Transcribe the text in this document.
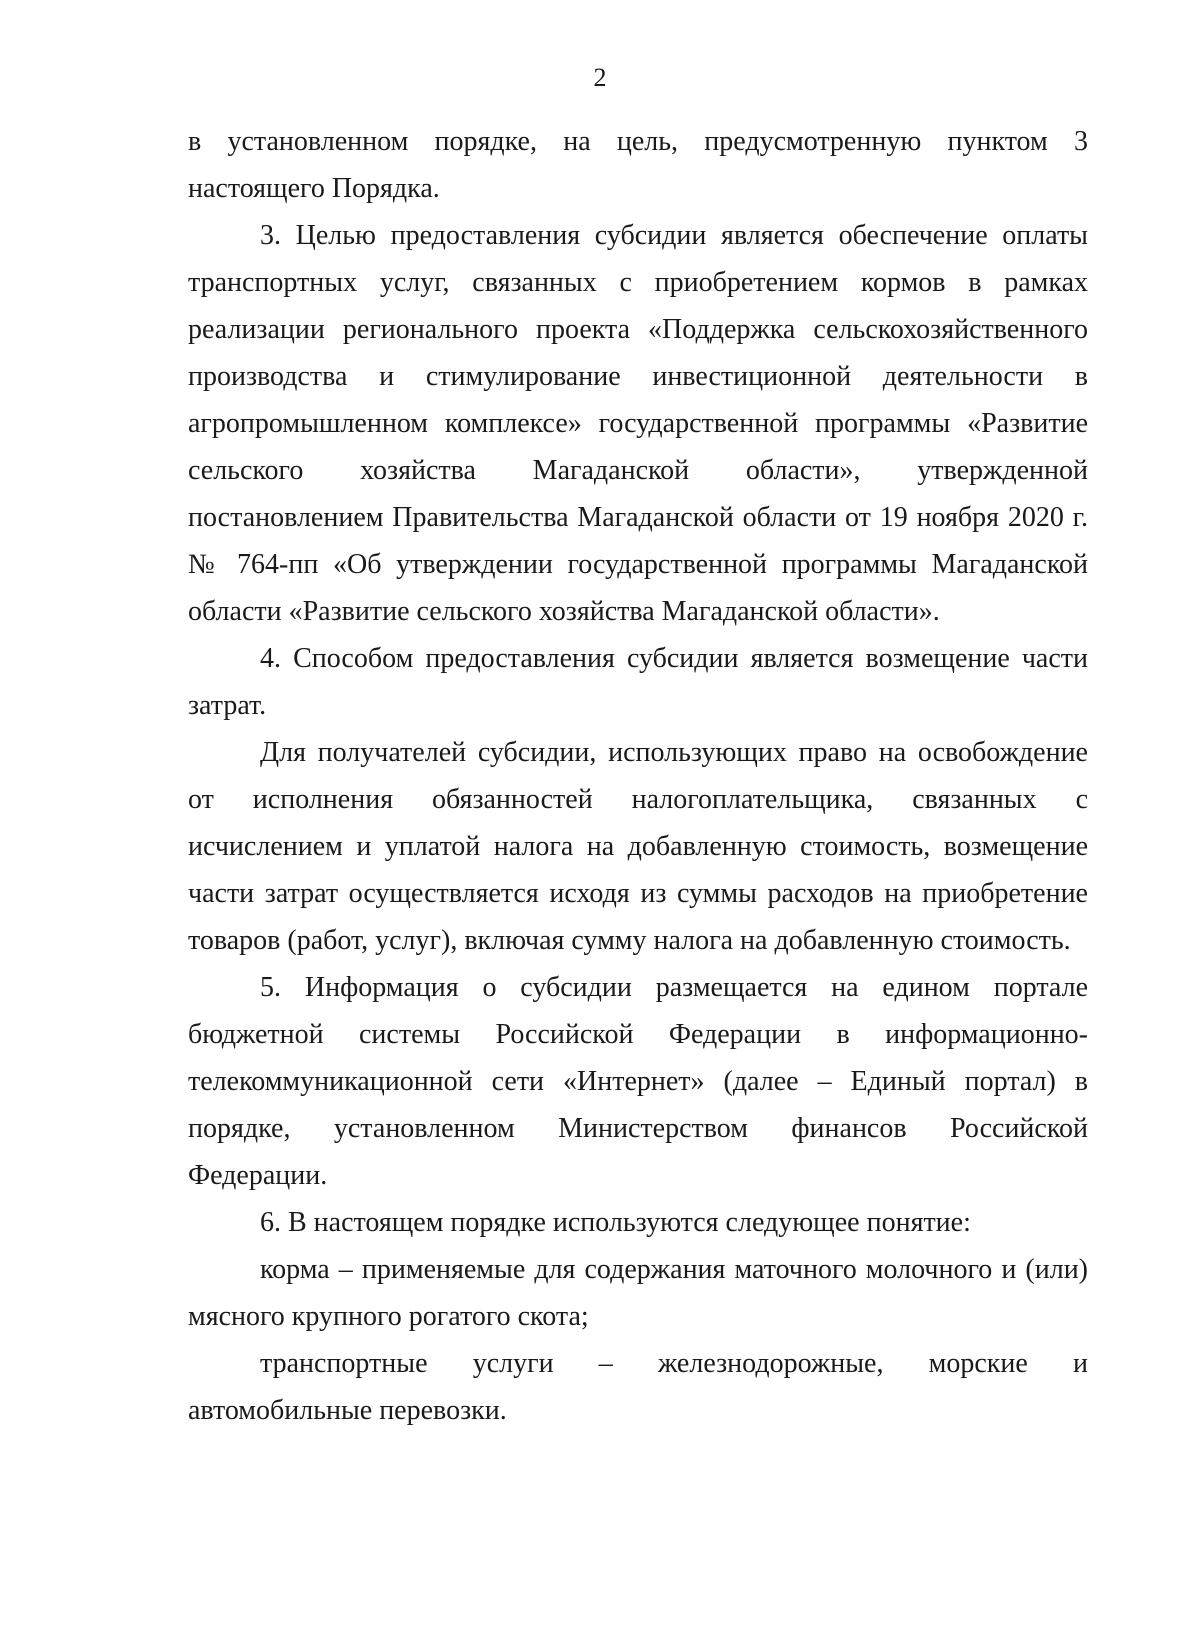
2

в установленном порядке, на цель, предусмотренную пунктом 3 настоящего Порядка.

3. Целью предоставления субсидии является обеспечение оплаты транспортных услуг, связанных с приобретением кормов в рамках реализации регионального проекта «Поддержка сельскохозяйственного производства и стимулирование инвестиционной деятельности в агропромышленном комплексе» государственной программы «Развитие сельского хозяйства Магаданской области», утвержденной постановлением Правительства Магаданской области от 19 ноября 2020 г. № 764-пп «Об утверждении государственной программы Магаданской области «Развитие сельского хозяйства Магаданской области».

4. Способом предоставления субсидии является возмещение части затрат.

Для получателей субсидии, использующих право на освобождение от исполнения обязанностей налогоплательщика, связанных с исчислением и уплатой налога на добавленную стоимость, возмещение части затрат осуществляется исходя из суммы расходов на приобретение товаров (работ, услуг), включая сумму налога на добавленную стоимость.

5. Информация о субсидии размещается на едином портале бюджетной системы Российской Федерации в информационно-телекоммуникационной сети «Интернет» (далее – Единый портал) в порядке, установленном Министерством финансов Российской Федерации.

6. В настоящем порядке используются следующее понятие:

корма – применяемые для содержания маточного молочного и (или) мясного крупного рогатого скота;

транспортные услуги – железнодорожные, морские и автомобильные перевозки.
